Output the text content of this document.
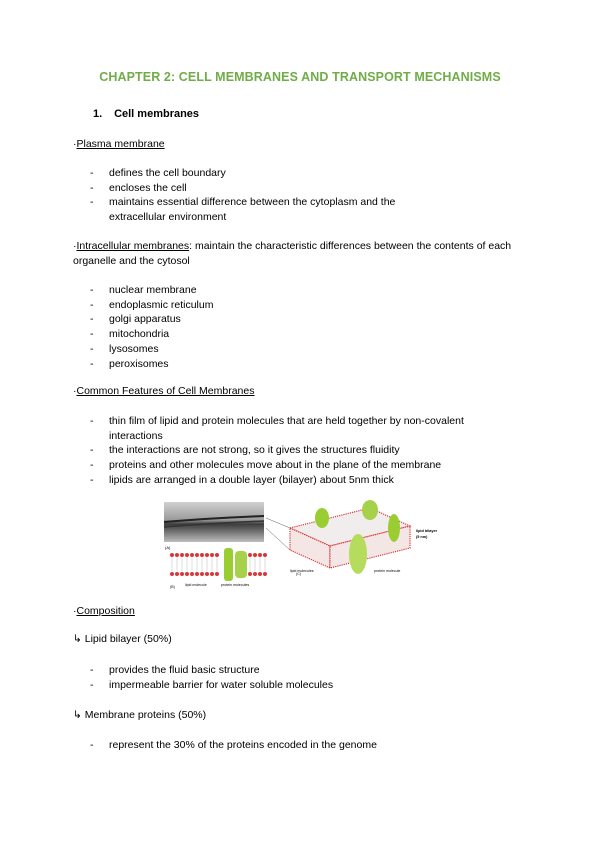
CHAPTER 2: CELL MEMBRANES AND TRANSPORT MECHANISMS
1. Cell membranes
·Plasma membrane
- defines the cell boundary
- encloses the cell
- maintains essential difference between the cytoplasm and the extracellular environment
·Intracellular membranes: maintain the characteristic differences between the contents of each organelle and the cytosol
- nuclear membrane
- endoplasmic reticulum
- golgi apparatus
- mitochondria
- lysosomes
- peroxisomes
·Common Features of Cell Membranes
- thin film of lipid and protein molecules that are held together by non-covalent interactions
- the interactions are not strong, so it gives the structures fluidity
- proteins and other molecules move about in the plane of the membrane
- lipids are arranged in a double layer (bilayer) about 5nm thick
(A)
(B)	lipid molecule	protein molecules
(C)
lipid molecules	protein molecule
lipid bilayer
(5 nm)
·Composition
↳ Lipid bilayer (50%)
- provides the fluid basic structure
- impermeable barrier for water soluble molecules
↳ Membrane proteins (50%)
- represent the 30% of the proteins encoded in the genome
